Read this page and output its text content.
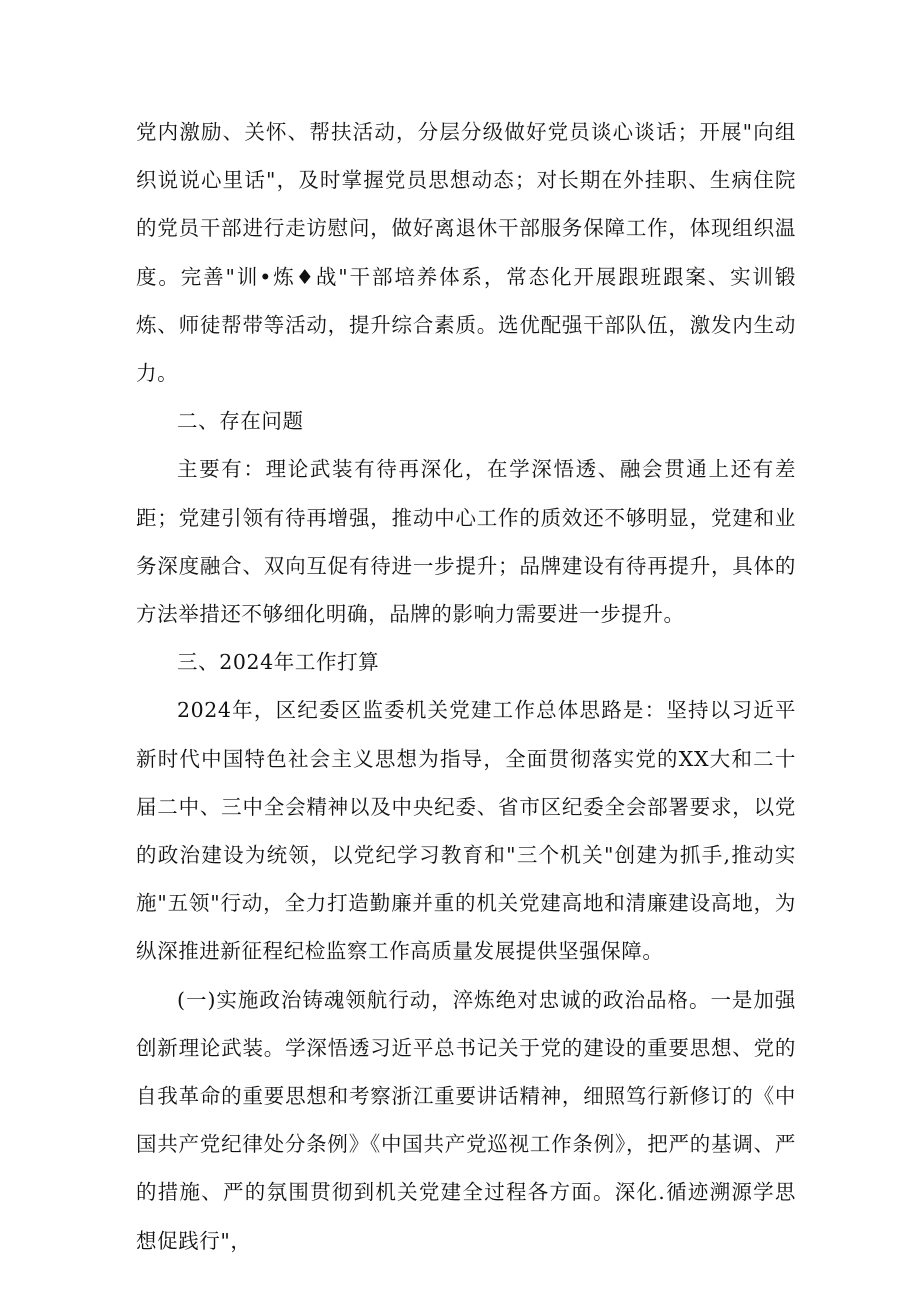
党内激励、关怀、帮扶活动，分层分级做好党员谈心谈话；开展"向组织说说心里话"，及时掌握党员思想动态；对长期在外挂职、生病住院的党员干部进行走访慰问，做好离退休干部服务保障工作，体现组织温度。完善"训•炼♦战"干部培养体系，常态化开展跟班跟案、实训锻炼、师徒帮带等活动，提升综合素质。选优配强干部队伍，激发内生动力。

二、存在问题

主要有：理论武装有待再深化，在学深悟透、融会贯通上还有差距；党建引领有待再增强，推动中心工作的质效还不够明显，党建和业务深度融合、双向互促有待进一步提升；品牌建设有待再提升，具体的方法举措还不够细化明确，品牌的影响力需要进一步提升。

三、2024年工作打算

2024年，区纪委区监委机关党建工作总体思路是：坚持以习近平新时代中国特色社会主义思想为指导，全面贯彻落实党的XX大和二十届二中、三中全会精神以及中央纪委、省市区纪委全会部署要求，以党的政治建设为统领，以党纪学习教育和"三个机关"创建为抓手,推动实施"五领"行动，全力打造勤廉并重的机关党建高地和清廉建设高地，为纵深推进新征程纪检监察工作高质量发展提供坚强保障。

(一)实施政治铸魂领航行动，淬炼绝对忠诚的政治品格。一是加强创新理论武装。学深悟透习近平总书记关于党的建设的重要思想、党的自我革命的重要思想和考察浙江重要讲话精神，细照笃行新修订的《中国共产党纪律处分条例》《中国共产党巡视工作条例》，把严的基调、严的措施、严的氛围贯彻到机关党建全过程各方面。深化.循迹溯源学思想促践行"，
